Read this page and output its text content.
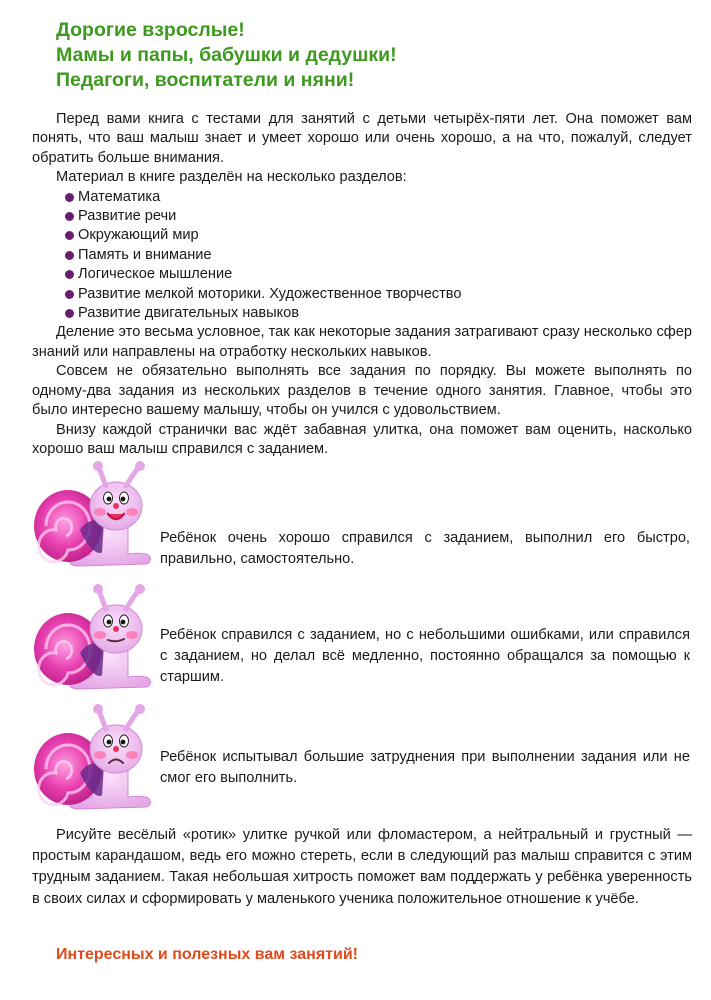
Дорогие взрослые!
Мамы и папы, бабушки и дедушки!
Педагоги, воспитатели и няни!

Перед вами книга с тестами для занятий с детьми четырёх-пяти лет. Она поможет вам понять, что ваш малыш знает и умеет хорошо или очень хорошо, а на что, пожалуй, следует обратить больше внимания.

Материал в книге разделён на несколько разделов:

Математика
Развитие речи
Окружающий мир
Память и внимание
Логическое мышление
Развитие мелкой моторики. Художественное творчество
Развитие двигательных навыков

Деление это весьма условное, так как некоторые задания затрагивают сразу несколько сфер знаний или направлены на отработку нескольких навыков.

Совсем не обязательно выполнять все задания по порядку. Вы можете выполнять по одному-два задания из нескольких разделов в течение одного занятия. Главное, чтобы это было интересно вашему малышу, чтобы он учился с удовольствием.

Внизу каждой странички вас ждёт забавная улитка, она поможет вам оценить, насколько хорошо ваш малыш справился с заданием.

Ребёнок очень хорошо справился с заданием, выполнил его быстро, правильно, самостоятельно.
Ребёнок справился с заданием, но с небольшими ошибками, или справился с заданием, но делал всё медленно, постоянно обращался за помощью к старшим.
Ребёнок испытывал большие затруднения при выполнении задания или не смог его выполнить.

Рисуйте весёлый «ротик» улитке ручкой или фломастером, а нейтральный и грустный — простым карандашом, ведь его можно стереть, если в следующий раз малыш справится с этим трудным заданием. Такая небольшая хитрость поможет вам поддержать у ребёнка уверенность в своих силах и сформировать у маленького ученика положительное отношение к учёбе.

Интересных и полезных вам занятий!
